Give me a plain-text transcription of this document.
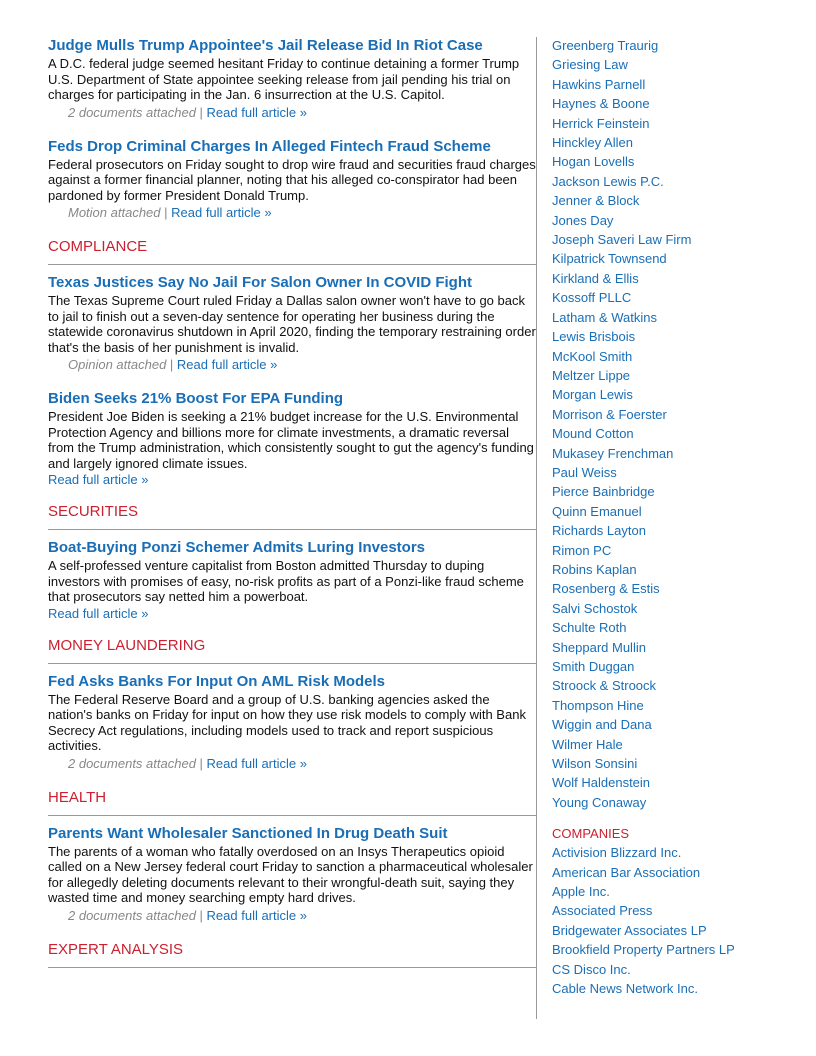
Judge Mulls Trump Appointee's Jail Release Bid In Riot Case

A D.C. federal judge seemed hesitant Friday to continue detaining a former Trump U.S. Department of State appointee seeking release from jail pending his trial on charges for participating in the Jan. 6 insurrection at the U.S. Capitol.

2 documents attached | Read full article »
Feds Drop Criminal Charges In Alleged Fintech Fraud Scheme

Federal prosecutors on Friday sought to drop wire fraud and securities fraud charges against a former financial planner, noting that his alleged co-conspirator had been pardoned by former President Donald Trump.

Motion attached | Read full article »
COMPLIANCE
Texas Justices Say No Jail For Salon Owner In COVID Fight

The Texas Supreme Court ruled Friday a Dallas salon owner won't have to go back to jail to finish out a seven-day sentence for operating her business during the statewide coronavirus shutdown in April 2020, finding the temporary restraining order that's the basis of her punishment is invalid.

Opinion attached | Read full article »
Biden Seeks 21% Boost For EPA Funding

President Joe Biden is seeking a 21% budget increase for the U.S. Environmental Protection Agency and billions more for climate investments, a dramatic reversal from the Trump administration, which consistently sought to gut the agency's funding and largely ignored climate issues.

Read full article »
SECURITIES
Boat-Buying Ponzi Schemer Admits Luring Investors

A self-professed venture capitalist from Boston admitted Thursday to duping investors with promises of easy, no-risk profits as part of a Ponzi-like fraud scheme that prosecutors say netted him a powerboat.

Read full article »
MONEY LAUNDERING
Fed Asks Banks For Input On AML Risk Models

The Federal Reserve Board and a group of U.S. banking agencies asked the nation's banks on Friday for input on how they use risk models to comply with Bank Secrecy Act regulations, including models used to track and report suspicious activities.

2 documents attached | Read full article »
HEALTH
Parents Want Wholesaler Sanctioned In Drug Death Suit

The parents of a woman who fatally overdosed on an Insys Therapeutics opioid called on a New Jersey federal court Friday to sanction a pharmaceutical wholesaler for allegedly deleting documents relevant to their wrongful-death suit, saying they wasted time and money searching empty hard drives.

2 documents attached | Read full article »
EXPERT ANALYSIS
Greenberg Traurig
Griesing Law
Hawkins Parnell
Haynes & Boone
Herrick Feinstein
Hinckley Allen
Hogan Lovells
Jackson Lewis P.C.
Jenner & Block
Jones Day
Joseph Saveri Law Firm
Kilpatrick Townsend
Kirkland & Ellis
Kossoff PLLC
Latham & Watkins
Lewis Brisbois
McKool Smith
Meltzer Lippe
Morgan Lewis
Morrison & Foerster
Mound Cotton
Mukasey Frenchman
Paul Weiss
Pierce Bainbridge
Quinn Emanuel
Richards Layton
Rimon PC
Robins Kaplan
Rosenberg & Estis
Salvi Schostok
Schulte Roth
Sheppard Mullin
Smith Duggan
Stroock & Stroock
Thompson Hine
Wiggin and Dana
Wilmer Hale
Wilson Sonsini
Wolf Haldenstein
Young Conaway
COMPANIES
Activision Blizzard Inc.
American Bar Association
Apple Inc.
Associated Press
Bridgewater Associates LP
Brookfield Property Partners LP
CS Disco Inc.
Cable News Network Inc.
